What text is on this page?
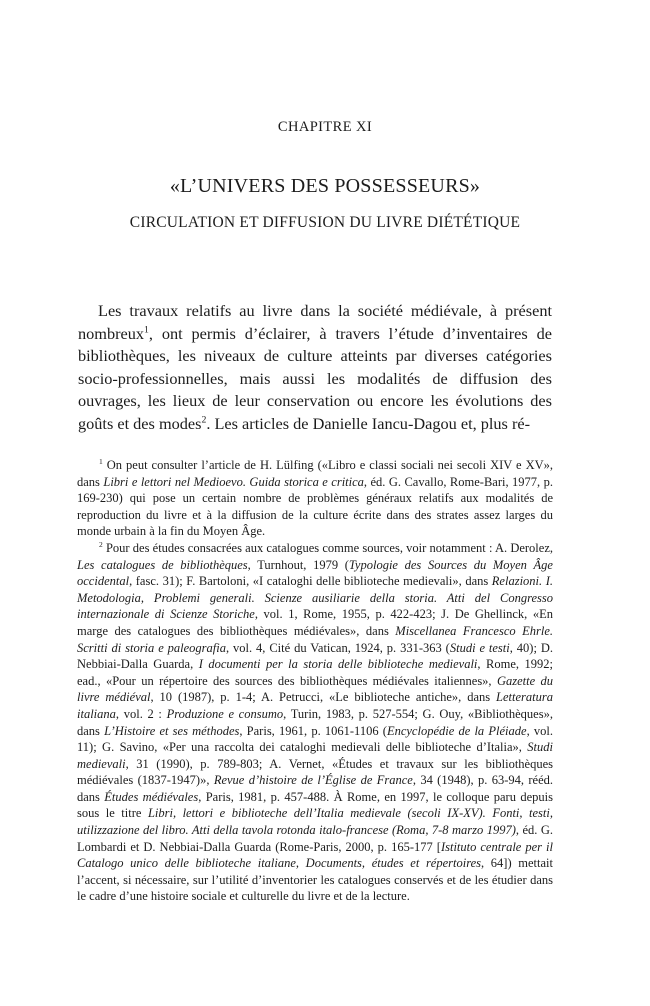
CHAPITRE XI
«L’UNIVERS DES POSSESSEURS»
CIRCULATION ET DIFFUSION DU LIVRE DIÉTÉTIQUE

Les travaux relatifs au livre dans la société médiévale, à présent nombreux$^1$, ont permis d’éclairer, à travers l’étude d’inventaires de bibliothèques, les niveaux de culture atteints par diverses catégories socio-professionnelles, mais aussi les modalités de diffusion des ouvrages, les lieux de leur conservation ou encore les évolutions des goûts et des modes$^2$. Les articles de Danielle Iancu-Dagou et, plus ré-

$^1$ On peut consulter l’article de H. Lülfing («Libro e classi sociali nei secoli XIV e XV», dans Libri e lettori nel Medioevo. Guida storica e critica, éd. G. Cavallo, Rome-Bari, 1977, p. 169-230) qui pose un certain nombre de problèmes généraux relatifs aux modalités de reproduction du livre et à la diffusion de la culture écrite dans des strates assez larges du monde urbain à la fin du Moyen Âge.

$^2$ Pour des études consacrées aux catalogues comme sources, voir notamment : A. Derolez, Les catalogues de bibliothèques, Turnhout, 1979 (Typologie des Sources du Moyen Âge occidental, fasc. 31); F. Bartoloni, «I cataloghi delle biblioteche medievali», dans Relazioni. I. Metodologia, Problemi generali. Scienze ausiliarie della storia. Atti del Congresso internazionale di Scienze Storiche, vol. 1, Rome, 1955, p. 422-423; J. De Ghellinck, «En marge des catalogues des bibliothèques médiévales», dans Miscellanea Francesco Ehrle. Scritti di storia e paleografia, vol. 4, Cité du Vatican, 1924, p. 331-363 (Studi e testi, 40); D. Nebbiai-Dalla Guarda, I documenti per la storia delle biblioteche medievali, Rome, 1992; ead., «Pour un répertoire des sources des bibliothèques médiévales italiennes», Gazette du livre médiéval, 10 (1987), p. 1-4; A. Petrucci, «Le biblioteche antiche», dans Letteratura italiana, vol. 2 : Produzione e consumo, Turin, 1983, p. 527-554; G. Ouy, «Bibliothèques», dans L’Histoire et ses méthodes, Paris, 1961, p. 1061-1106 (Encyclopédie de la Pléiade, vol. 11); G. Savino, «Per una raccolta dei cataloghi medievali delle biblioteche d’Italia», Studi medievali, 31 (1990), p. 789-803; A. Vernet, «Études et travaux sur les bibliothèques médiévales (1837-1947)», Revue d’histoire de l’Église de France, 34 (1948), p. 63-94, rééd. dans Études médiévales, Paris, 1981, p. 457-488. À Rome, en 1997, le colloque paru depuis sous le titre Libri, lettori e biblioteche dell’Italia medievale (secoli IX-XV). Fonti, testi, utilizzazione del libro. Atti della tavola rotonda italo-francese (Roma, 7-8 marzo 1997), éd. G. Lombardi et D. Nebbiai-Dalla Guarda (Rome-Paris, 2000, p. 165-177 [Istituto centrale per il Catalogo unico delle biblioteche italiane, Documents, études et répertoires, 64]) mettait l’accent, si nécessaire, sur l’utilité d’inventorier les catalogues conservés et de les étudier dans le cadre d’une histoire sociale et culturelle du livre et de la lecture.
